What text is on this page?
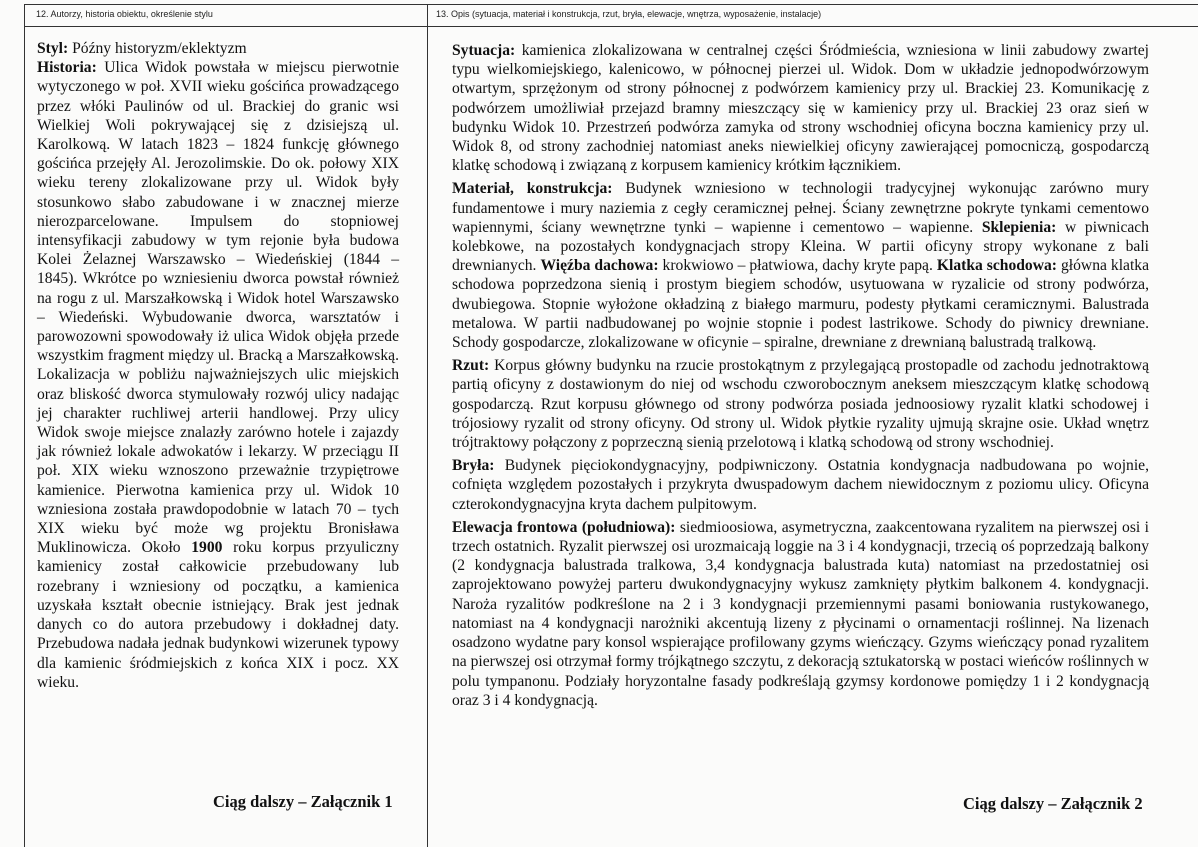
12. Autorzy, historia obiektu, określenie stylu	13. Opis (sytuacja, materiał i konstrukcja, rzut, bryła, elewacje, wnętrza, wyposażenie, instalacje)

Styl: Późny historyzm/eklektyzm

Historia: Ulica Widok powstała w miejscu pierwotnie wytyczonego w poł. XVII wieku gościńca prowadzącego przez włóki Paulinów od ul. Brackiej do granic wsi Wielkiej Woli pokrywającej się z dzisiejszą ul. Karolkową. W latach 1823 – 1824 funkcję głównego gościńca przejęły Al. Jerozolimskie. Do ok. połowy XIX wieku tereny zlokalizowane przy ul. Widok były stosunkowo słabo zabudowane i w znacznej mierze nierozparcelowane. Impulsem do stopniowej intensyfikacji zabudowy w tym rejonie była budowa Kolei Żelaznej Warszawsko – Wiedeńskiej (1844 – 1845). Wkrótce po wzniesieniu dworca powstał również na rogu z ul. Marszałkowską i Widok hotel Warszawsko – Wiedeński. Wybudowanie dworca, warsztatów i parowozowni spowodowały iż ulica Widok objęła przede wszystkim fragment między ul. Bracką a Marszałkowską. Lokalizacja w pobliżu najważniejszych ulic miejskich oraz bliskość dworca stymulowały rozwój ulicy nadając jej charakter ruchliwej arterii handlowej. Przy ulicy Widok swoje miejsce znalazły zarówno hotele i zajazdy jak również lokale adwokatów i lekarzy. W przeciągu II poł. XIX wieku wznoszono przeważnie trzypiętrowe kamienice. Pierwotna kamienica przy ul. Widok 10 wzniesiona została prawdopodobnie w latach 70 – tych XIX wieku być może wg projektu Bronisława Muklinowicza. Około 1900 roku korpus przyuliczny kamienicy został całkowicie przebudowany lub rozebrany i wzniesiony od początku, a kamienica uzyskała kształt obecnie istniejący. Brak jest jednak danych co do autora przebudowy i dokładnej daty. Przebudowa nadała jednak budynkowi wizerunek typowy dla kamienic śródmiejskich z końca XIX i pocz. XX wieku.

Sytuacja: kamienica zlokalizowana w centralnej części Śródmieścia, wzniesiona w linii zabudowy zwartej typu wielkomiejskiego, kalenicowo, w północnej pierzei ul. Widok. Dom w układzie jednopodwórzowym otwartym, sprzężonym od strony północnej z podwórzem kamienicy przy ul. Brackiej 23. Komunikację z podwórzem umożliwiał przejazd bramny mieszczący się w kamienicy przy ul. Brackiej 23 oraz sień w budynku Widok 10. Przestrzeń podwórza zamyka od strony wschodniej oficyna boczna kamienicy przy ul. Widok 8, od strony zachodniej natomiast aneks niewielkiej oficyny zawierającej pomocniczą, gospodarczą klatkę schodową i związaną z korpusem kamienicy krótkim łącznikiem.

Materiał, konstrukcja: Budynek wzniesiono w technologii tradycyjnej wykonując zarówno mury fundamentowe i mury naziemia z cegły ceramicznej pełnej. Ściany zewnętrzne pokryte tynkami cementowo wapiennymi, ściany wewnętrzne tynki – wapienne i cementowo – wapienne. Sklepienia: w piwnicach kolebkowe, na pozostałych kondygnacjach stropy Kleina. W partii oficyny stropy wykonane z bali drewnianych. Więźba dachowa: krokwiowo – płatwiowa, dachy kryte papą. Klatka schodowa: główna klatka schodowa poprzedzona sienią i prostym biegiem schodów, usytuowana w ryzalicie od strony podwórza, dwubiegowa. Stopnie wyłożone okładziną z białego marmuru, podesty płytkami ceramicznymi. Balustrada metalowa. W partii nadbudowanej po wojnie stopnie i podest lastrikowe. Schody do piwnicy drewniane. Schody gospodarcze, zlokalizowane w oficynie – spiralne, drewniane z drewnianą balustradą tralkową.

Rzut: Korpus główny budynku na rzucie prostokątnym z przylegającą prostopadle od zachodu jednotraktową partią oficyny z dostawionym do niej od wschodu czworobocznym aneksem mieszczącym klatkę schodową gospodarczą. Rzut korpusu głównego od strony podwórza posiada jednoosiowy ryzalit klatki schodowej i trójosiowy ryzalit od strony oficyny. Od strony ul. Widok płytkie ryzality ujmują skrajne osie. Układ wnętrz trójtraktowy połączony z poprzeczną sienią przelotową i klatką schodową od strony wschodniej.

Bryła: Budynek pięciokondygnacyjny, podpiwniczony. Ostatnia kondygnacja nadbudowana po wojnie, cofnięta względem pozostałych i przykryta dwuspadowym dachem niewidocznym z poziomu ulicy. Oficyna czterokondygnacyjna kryta dachem pulpitowym.

Elewacja frontowa (południowa): siedmioosiowa, asymetryczna, zaakcentowana ryzalitem na pierwszej osi i trzech ostatnich. Ryzalit pierwszej osi urozmaicają loggie na 3 i 4 kondygnacji, trzecią oś poprzedzają balkony (2 kondygnacja balustrada tralkowa, 3,4 kondygnacja balustrada kuta) natomiast na przedostatniej osi zaprojektowano powyżej parteru dwukondygnacyjny wykusz zamknięty płytkim balkonem 4. kondygnacji. Naroża ryzalitów podkreślone na 2 i 3 kondygnacji przemiennymi pasami boniowania rustykowanego, natomiast na 4 kondygnacji narożniki akcentują lizeny z płycinami o ornamentacji roślinnej. Na lizenach osadzono wydatne pary konsol wspierające profilowany gzyms wieńczący. Gzyms wieńczący ponad ryzalitem na pierwszej osi otrzymał formy trójkątnego szczytu, z dekoracją sztukatorską w postaci wieńców roślinnych w polu tympanonu. Podziały horyzontalne fasady podkreślają gzymsy kordonowe pomiędzy 1 i 2 kondygnacją oraz 3 i 4 kondygnacją.

Ciąg dalszy – Załącznik 1	Ciąg dalszy – Załącznik 2
